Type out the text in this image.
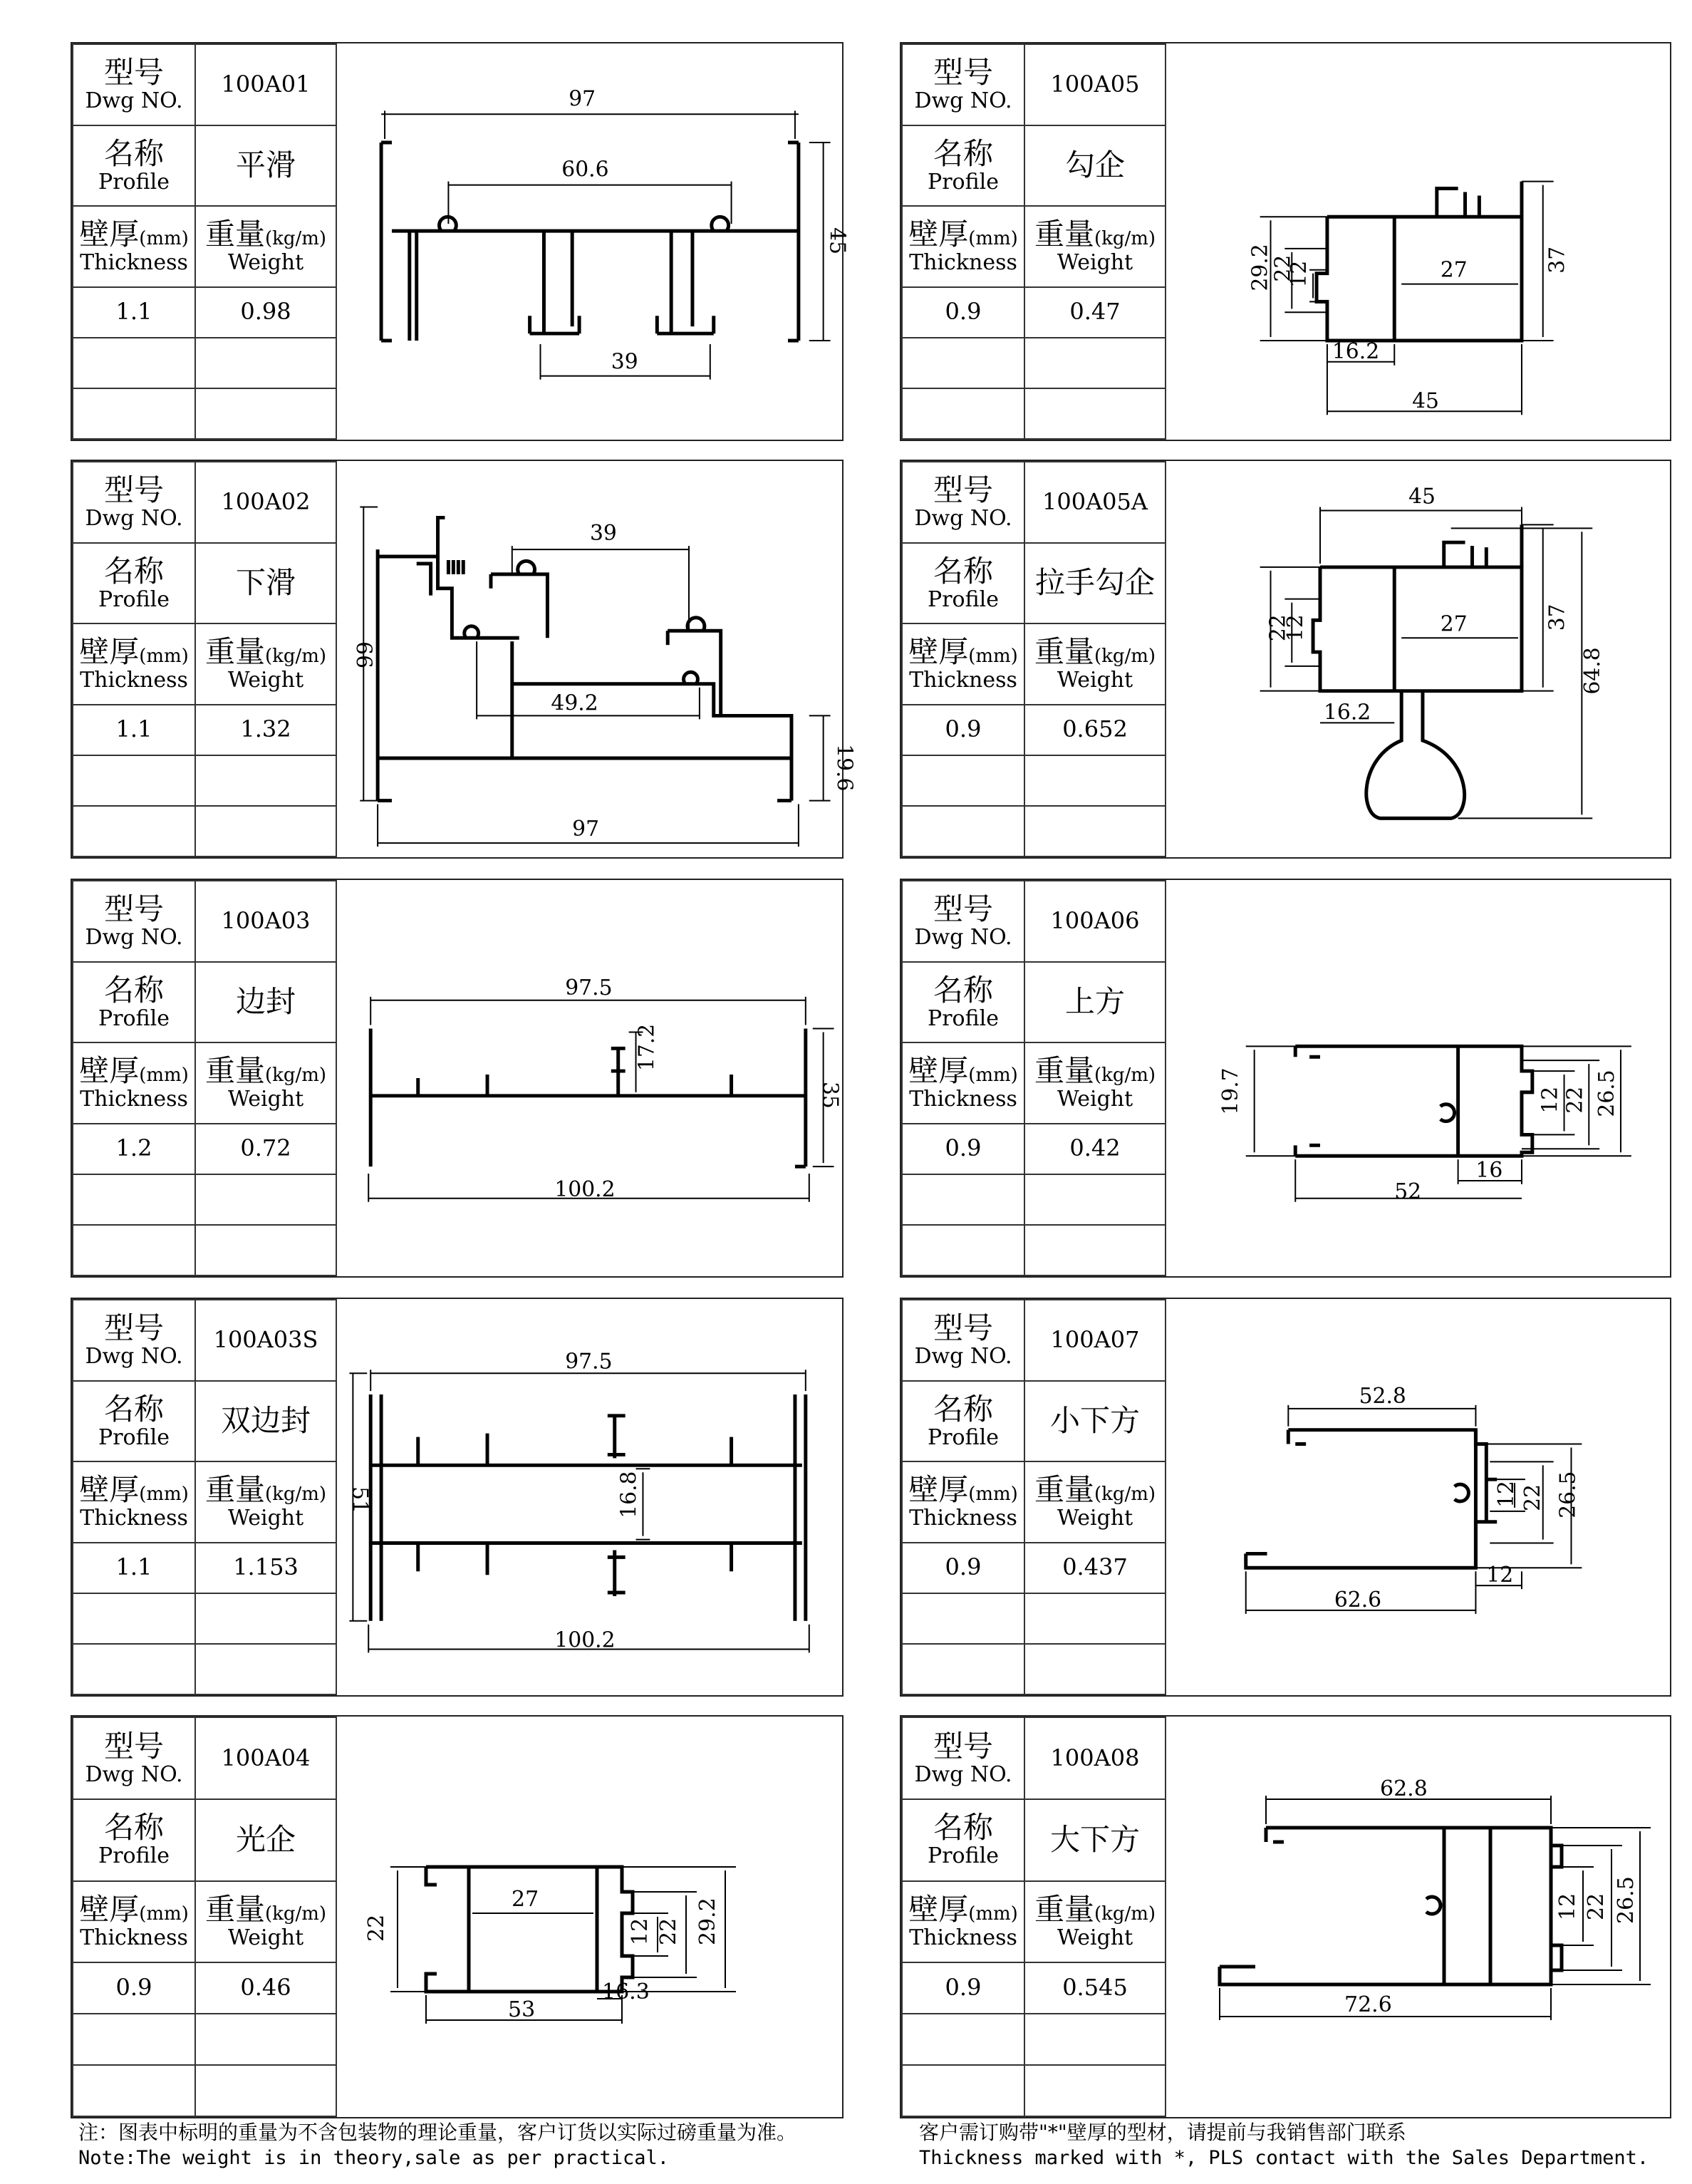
型号
Dwg NO.	100A01

名称
Profile	平滑
壁厚(mm)
Thickness	重量(kg/m)
Weight

1.1	0.98

97
60.6
45
39
型号
Dwg NO.	100A05

名称
Profile	勾企
壁厚(mm)
Thickness	重量(kg/m)
Weight

0.9	0.47

29.2
22
12	27	37
16.2
45
型号
Dwg NO.	100A02

名称
Profile	下滑
壁厚(mm)
Thickness	重量(kg/m)
Weight

1.1	1.32

39
66
49.2
19.6
97
型号
Dwg NO.	100A05A

名称
Profile	拉手勾企
壁厚(mm)
Thickness	重量(kg/m)
Weight

0.9	0.652

45
22
12	27	37
64.8
16.2
型号
Dwg NO.	100A03

名称
Profile	边封
壁厚(mm)
Thickness	重量(kg/m)
Weight

1.2	0.72

97.5
17.2
35
100.2
型号
Dwg NO.	100A06

名称
Profile	上方
壁厚(mm)
Thickness	重量(kg/m)
Weight

0.9	0.42

19.7	12 22 26.5
16
52
型号
Dwg NO.	100A03S

名称
Profile	双边封
壁厚(mm)
Thickness	重量(kg/m)
Weight

1.1	1.153

97.5
51	16.8
100.2
型号
Dwg NO.	100A07

名称
Profile	小下方
壁厚(mm)
Thickness	重量(kg/m)
Weight

0.9	0.437

52.8
12 22 26.5
12
62.6
型号
Dwg NO.	100A04

名称
Profile	光企
壁厚(mm)
Thickness	重量(kg/m)
Weight

0.9	0.46

22
27
12 22 29.2
53
16.3
型号
Dwg NO.	100A08

名称
Profile	大下方
壁厚(mm)
Thickness	重量(kg/m)
Weight

0.9	0.545

62.8
12 22 26.5
72.6
注：图表中标明的重量为不含包装物的理论重量，客户订货以实际过磅重量为准。
Note:The weight is in theory,sale as per practical.
客户需订购带"*"壁厚的型材，请提前与我销售部门联系
Thickness marked with *, PLS contact with the Sales Department.
